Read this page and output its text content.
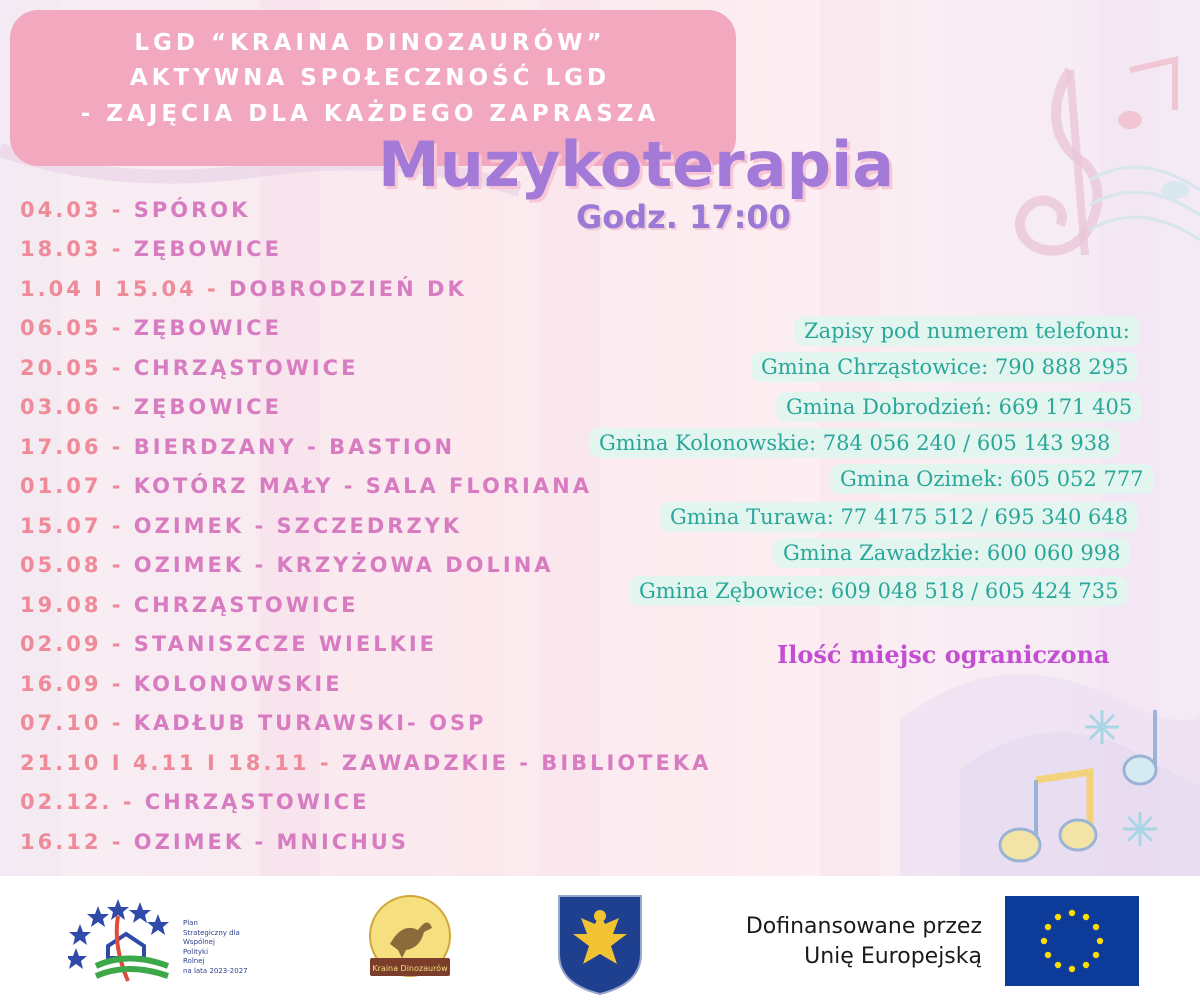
LGD “KRAINA DINOZAURÓW”
AKTYWNA SPOŁECZNOŚĆ LGD
- ZAJĘCIA DLA KAŻDEGO ZAPRASZA
Muzykoterapia
Godz. 17:00
04.03 - SPÓROK
18.03 - ZĘBOWICE
1.04 I 15.04 - DOBRODZIEŃ DK
06.05 - ZĘBOWICE
20.05 - CHRZĄSTOWICE
03.06 - ZĘBOWICE
17.06 - BIERDZANY - BASTION
01.07 - KOTÓRZ MAŁY - SALA FLORIANA
15.07 - OZIMEK - SZCZEDRZYK
05.08 - OZIMEK - KRZYŻOWA DOLINA
19.08 - CHRZĄSTOWICE
02.09 - STANISZCZE WIELKIE
16.09 - KOLONOWSKIE
07.10 - KADŁUB TURAWSKI- OSP
21.10 I 4.11 I 18.11 - ZAWADZKIE - BIBLIOTEKA
02.12. - CHRZĄSTOWICE
16.12 - OZIMEK - MNICHUS
Zapisy pod numerem telefonu:
Gmina Chrząstowice: 790 888 295
Gmina Dobrodzień: 669 171 405
Gmina Kolonowskie: 784 056 240 / 605 143 938
Gmina Ozimek: 605 052 777
Gmina Turawa: 77 4175 512 / 695 340 648
Gmina Zawadzkie: 600 060 998
Gmina Zębowice: 609 048 518 / 605 424 735
Ilość miejsc ograniczona
Plan
Strategiczny dla
Wspólnej
Polityki
Rolnej
na lata 2023-2027	Kraina Dinozaurów
Dofinansowane przez
Unię Europejską
